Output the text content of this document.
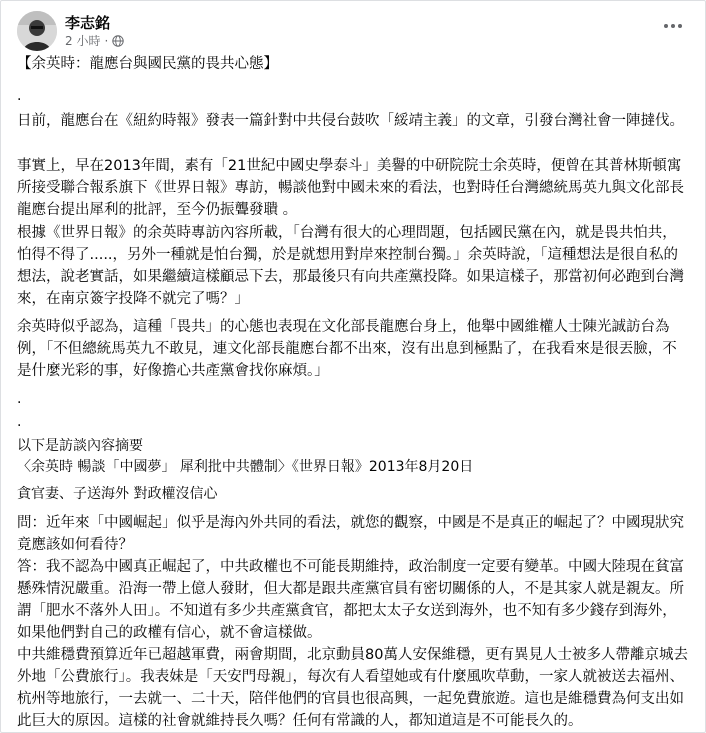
李志銘
2 小時 ·

【余英時：龍應台與國民黨的畏共心態】

.

日前，龍應台在《紐約時報》發表一篇針對中共侵台鼓吹「綏靖主義」的文章，引發台灣社會一陣撻伐。

事實上，早在2013年間，素有「21世紀中國史學泰斗」美譽的中研院院士余英時，便曾在其普林斯頓寓所接受聯合報系旗下《世界日報》專訪，暢談他對中國未來的看法，也對時任台灣總統馬英九與文化部長龍應台提出犀利的批評，至今仍振聾發聵 。

根據《世界日報》的余英時專訪內容所載，「台灣有很大的心理問題，包括國民黨在內，就是畏共怕共，怕得不得了.....，另外一種就是怕台獨，於是就想用對岸來控制台獨。」余英時說，「這種想法是很自私的想法，說老實話，如果繼續這樣顧忌下去，那最後只有向共產黨投降。如果這樣子，那當初何必跑到台灣來，在南京簽字投降不就完了嗎？」

余英時似乎認為，這種「畏共」的心態也表現在文化部長龍應台身上，他舉中國維權人士陳光誠訪台為例，「不但總統馬英九不敢見，連文化部長龍應台都不出來，沒有出息到極點了，在我看來是很丟臉，不是什麼光彩的事，好像擔心共產黨會找你麻煩。」

.

.

以下是訪談內容摘要

〈余英時 暢談「中國夢」 犀利批中共體制〉《世界日報》2013年8月20日

貪官妻、子送海外 對政權沒信心

問：近年來「中國崛起」似乎是海內外共同的看法，就您的觀察，中國是不是真正的崛起了？中國現狀究竟應該如何看待？

答：我不認為中國真正崛起了，中共政權也不可能長期維持，政治制度一定要有變革。中國大陸現在貧富懸殊情況嚴重。沿海一帶上億人發財，但大都是跟共產黨官員有密切關係的人，不是其家人就是親友。所謂「肥水不落外人田」。不知道有多少共產黨貪官，都把太太子女送到海外，也不知有多少錢存到海外，如果他們對自己的政權有信心，就不會這樣做。

中共維穩費預算近年已超越軍費，兩會期間，北京動員80萬人安保維穩，更有異見人士被多人帶離京城去外地「公費旅行」。我表妹是「天安門母親」，每次有人看望她或有什麼風吹草動，一家人就被送去福州、杭州等地旅行，一去就一、二十天，陪伴他們的官員也很高興，一起免費旅遊。這也是維穩費為何支出如此巨大的原因。這樣的社會就維持長久嗎？任何有常識的人，都知道這是不可能長久的。
